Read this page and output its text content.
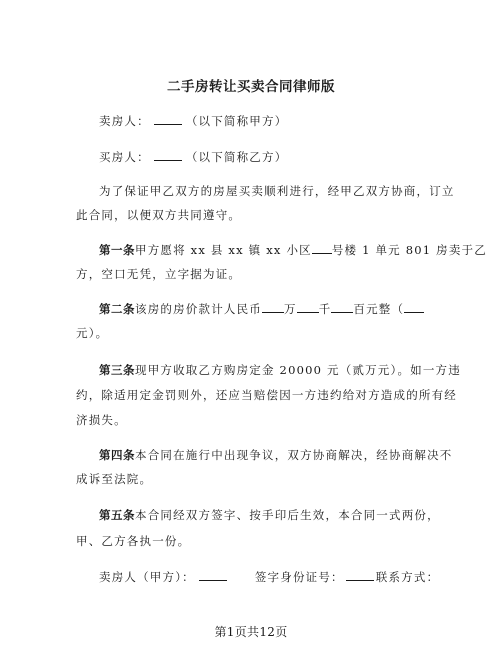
二手房转让买卖合同律师版
卖房人：	（以下简称甲方）
买房人：	（以下简称乙方）
为了保证甲乙双方的房屋买卖顺利进行，经甲乙双方协商，订立
此合同，以便双方共同遵守。
第一条甲方愿将 xx 县 xx 镇 xx 小区 号楼 1 单元 801 房卖于乙
方，空口无凭，立字据为证。
第二条该房的房价款计人民币 万 千 百元整（
元）。
第三条现甲方收取乙方购房定金 20000 元（贰万元）。如一方违
约，除适用定金罚则外，还应当赔偿因一方违约给对方造成的所有经
济损失。
第四条本合同在施行中出现争议，双方协商解决，经协商解决不
成诉至法院。
第五条本合同经双方签字、按手印后生效，本合同一式两份，
甲、乙方各执一份。
卖房人（甲方）：	签字身份证号：	联系方式：
第1页共12页
